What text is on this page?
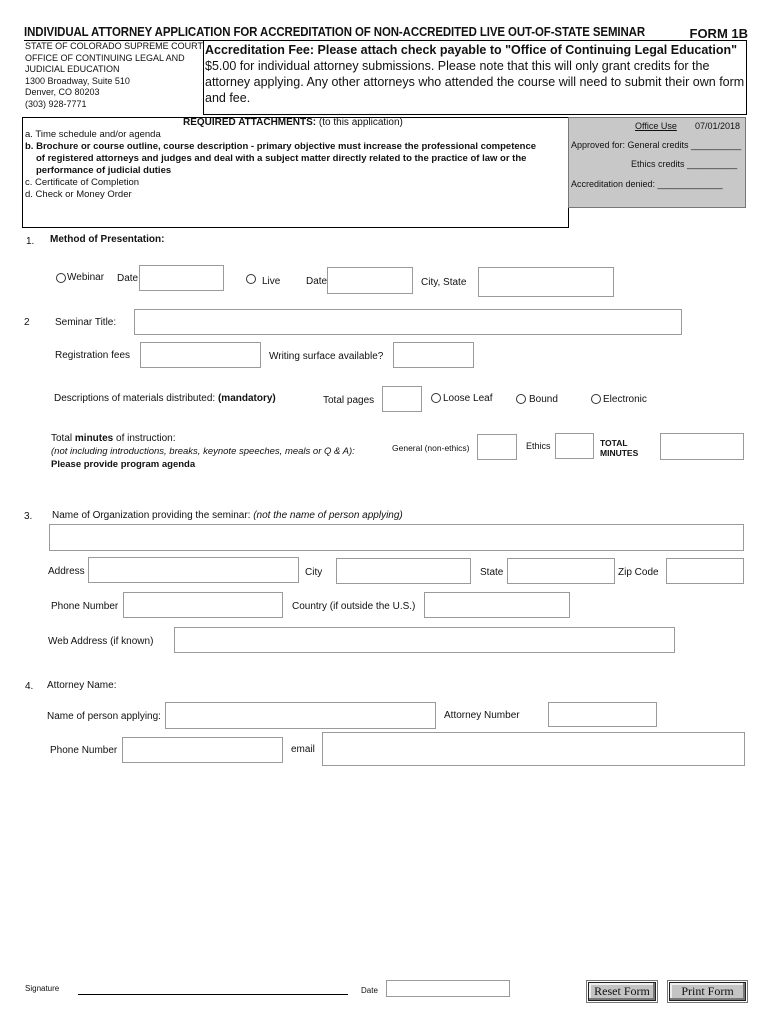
INDIVIDUAL ATTORNEY APPLICATION FOR ACCREDITATION OF NON-ACCREDITED LIVE OUT-OF-STATE SEMINAR	FORM 1B
STATE OF COLORADO SUPREME COURT
OFFICE OF CONTINUING LEGAL AND
JUDICIAL EDUCATION
1300 Broadway, Suite 510
Denver, CO 80203
(303) 928-7771
Accreditation Fee: Please attach check payable to "Office of Continuing Legal Education"
$5.00 for individual attorney submissions. Please note that this will only grant credits for the attorney applying. Any other attorneys who attended the course will need to submit their own form and fee.
REQUIRED ATTACHMENTS: (to this application)
a. Time schedule and/or agenda
b. Brochure or course outline, course description - primary objective must increase the professional competence
of registered attorneys and judges and deal with a subject matter directly related to the practice of law or the
performance of judicial duties
c. Certificate of Completion
d. Check or Money Order
Office Use 07/01/2018
Approved for: General credits __________
Ethics credits __________
Accreditation denied: _____________
1. Method of Presentation:
Webinar Date	Live	Date	City, State
2	Seminar Title:
Registration fees	Writing surface available?
Descriptions of materials distributed: (mandatory)	Total pages	Loose Leaf	Bound	Electronic
Total minutes of instruction:
(not including introductions, breaks, keynote speeches, meals or Q & A):
Please provide program agenda
General (non-ethics)	Ethics	TOTAL
MINUTES
3. Name of Organization providing the seminar: (not the name of person applying)
Address	City	State	Zip Code
Phone Number	Country (if outside the U.S.)
Web Address (if known)
4. Attorney Name:
Name of person applying:	Attorney Number
Phone Number	email
Signature	Date	Reset Form	Print Form
